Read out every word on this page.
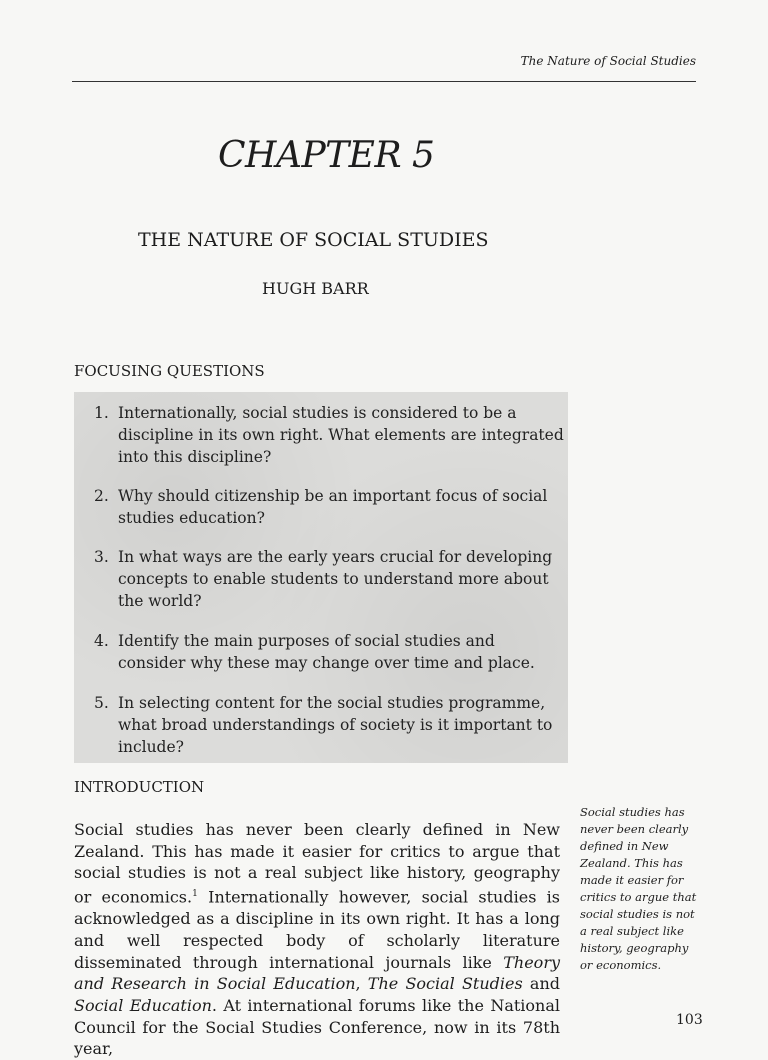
The Nature of Social Studies
CHAPTER 5
THE NATURE OF SOCIAL STUDIES
HUGH BARR
FOCUSING QUESTIONS
1. Internationally, social studies is considered to be a discipline in its own right. What elements are integrated into this discipline?
2. Why should citizenship be an important focus of social studies education?
3. In what ways are the early years crucial for developing concepts to enable students to understand more about the world?
4. Identify the main purposes of social studies and consider why these may change over time and place.
5. In selecting content for the social studies programme, what broad understandings of society is it important to include?
INTRODUCTION

Social studies has never been clearly defined in New Zealand. This has made it easier for critics to argue that social studies is not a real subject like history, geography or economics.$^1$ Internationally however, social studies is acknowledged as a discipline in its own right. It has a long and well respected body of scholarly literature disseminated through international journals like Theory and Research in Social Education, The Social Studies and Social Education. At international forums like the National Council for the Social Studies Conference, now in its 78th year,

Social studies has never been clearly defined in New Zealand. This has made it easier for critics to argue that social studies is not a real subject like history, geography or economics.
103
